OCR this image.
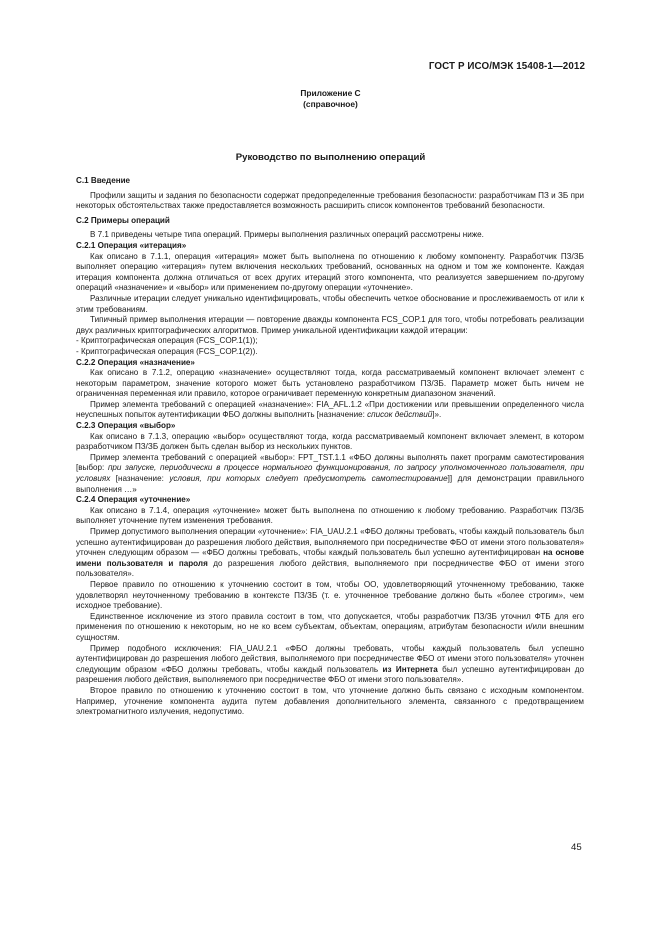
ГОСТ Р ИСО/МЭК 15408-1—2012
Приложение С
(справочное)
Руководство по выполнению операций

С.1 Введение

Профили защиты и задания по безопасности содержат предопределенные требования безопасности: разработчикам ПЗ и ЗБ при некоторых обстоятельствах также предоставляется возможность расширить список компонентов требований безопасности.

С.2 Примеры операций

В 7.1 приведены четыре типа операций. Примеры выполнения различных операций рассмотрены ниже.

С.2.1 Операция «итерация»

Как описано в 7.1.1, операция «итерация» может быть выполнена по отношению к любому компоненту. Разработчик ПЗ/ЗБ выполняет операцию «итерация» путем включения нескольких требований, основанных на одном и том же компоненте. Каждая итерация компонента должна отличаться от всех других итераций этого компонента, что реализуется завершением по-другому операций «назначение» и «выбор» или применением по-другому операции «уточнение».

Различные итерации следует уникально идентифицировать, чтобы обеспечить четкое обоснование и прослеживаемость от или к этим требованиям.

Типичный пример выполнения итерации — повторение дважды компонента FCS_COP.1 для того, чтобы потребовать реализации двух различных криптографических алгоритмов. Пример уникальной идентификации каждой итерации:

- Криптографическая операция (FCS_COP.1(1));

- Криптографическая операция (FCS_COP.1(2)).

С.2.2 Операция «назначение»

Как описано в 7.1.2, операцию «назначение» осуществляют тогда, когда рассматриваемый компонент включает элемент с некоторым параметром, значение которого может быть установлено разработчиком ПЗ/ЗБ. Параметр может быть ничем не ограниченная переменная или правило, которое ограничивает переменную конкретным диапазоном значений.

Пример элемента требований с операцией «назначение»: FIA_AFL.1.2 «При достижении или превышении определенного числа неуспешных попыток аутентификации ФБО должны выполнить [назначение: список действий]».

С.2.3 Операция «выбор»

Как описано в 7.1.3, операцию «выбор» осуществляют тогда, когда рассматриваемый компонент включает элемент, в котором разработчиком ПЗ/ЗБ должен быть сделан выбор из нескольких пунктов.

Пример элемента требований с операцией «выбор»: FPT_TST.1.1 «ФБО должны выполнять пакет программ самотестирования [выбор: при запуске, периодически в процессе нормального функционирования, по запросу уполномоченного пользователя, при условиях [назначение: условия, при которых следует предусмотреть самотестирование]] для демонстрации правильного выполнения …»

С.2.4 Операция «уточнение»

Как описано в 7.1.4, операция «уточнение» может быть выполнена по отношению к любому требованию. Разработчик ПЗ/ЗБ выполняет уточнение путем изменения требования.

Пример допустимого выполнения операции «уточнение»: FIA_UAU.2.1 «ФБО должны требовать, чтобы каждый пользователь был успешно аутентифицирован до разрешения любого действия, выполняемого при посредничестве ФБО от имени этого пользователя» уточнен следующим образом — «ФБО должны требовать, чтобы каждый пользователь был успешно аутентифицирован на основе имени пользователя и пароля до разрешения любого действия, выполняемого при посредничестве ФБО от имени этого пользователя».

Первое правило по отношению к уточнению состоит в том, чтобы ОО, удовлетворяющий уточненному требованию, также удовлетворял неуточненному требованию в контексте ПЗ/ЗБ (т. е. уточненное требование должно быть «более строгим», чем исходное требование).

Единственное исключение из этого правила состоит в том, что допускается, чтобы разработчик ПЗ/ЗБ уточнил ФТБ для его применения по отношению к некоторым, но не ко всем субъектам, объектам, операциям, атрибутам безопасности и/или внешним сущностям.

Пример подобного исключения: FIA_UAU.2.1 «ФБО должны требовать, чтобы каждый пользователь был успешно аутентифицирован до разрешения любого действия, выполняемого при посредничестве ФБО от имени этого пользователя» уточнен следующим образом «ФБО должны требовать, чтобы каждый пользователь из Интернета был успешно аутентифицирован до разрешения любого действия, выполняемого при посредничестве ФБО от имени этого пользователя».

Второе правило по отношению к уточнению состоит в том, что уточнение должно быть связано с исходным компонентом. Например, уточнение компонента аудита путем добавления дополнительного элемента, связанного с предотвращением электромагнитного излучения, недопустимо.

45
